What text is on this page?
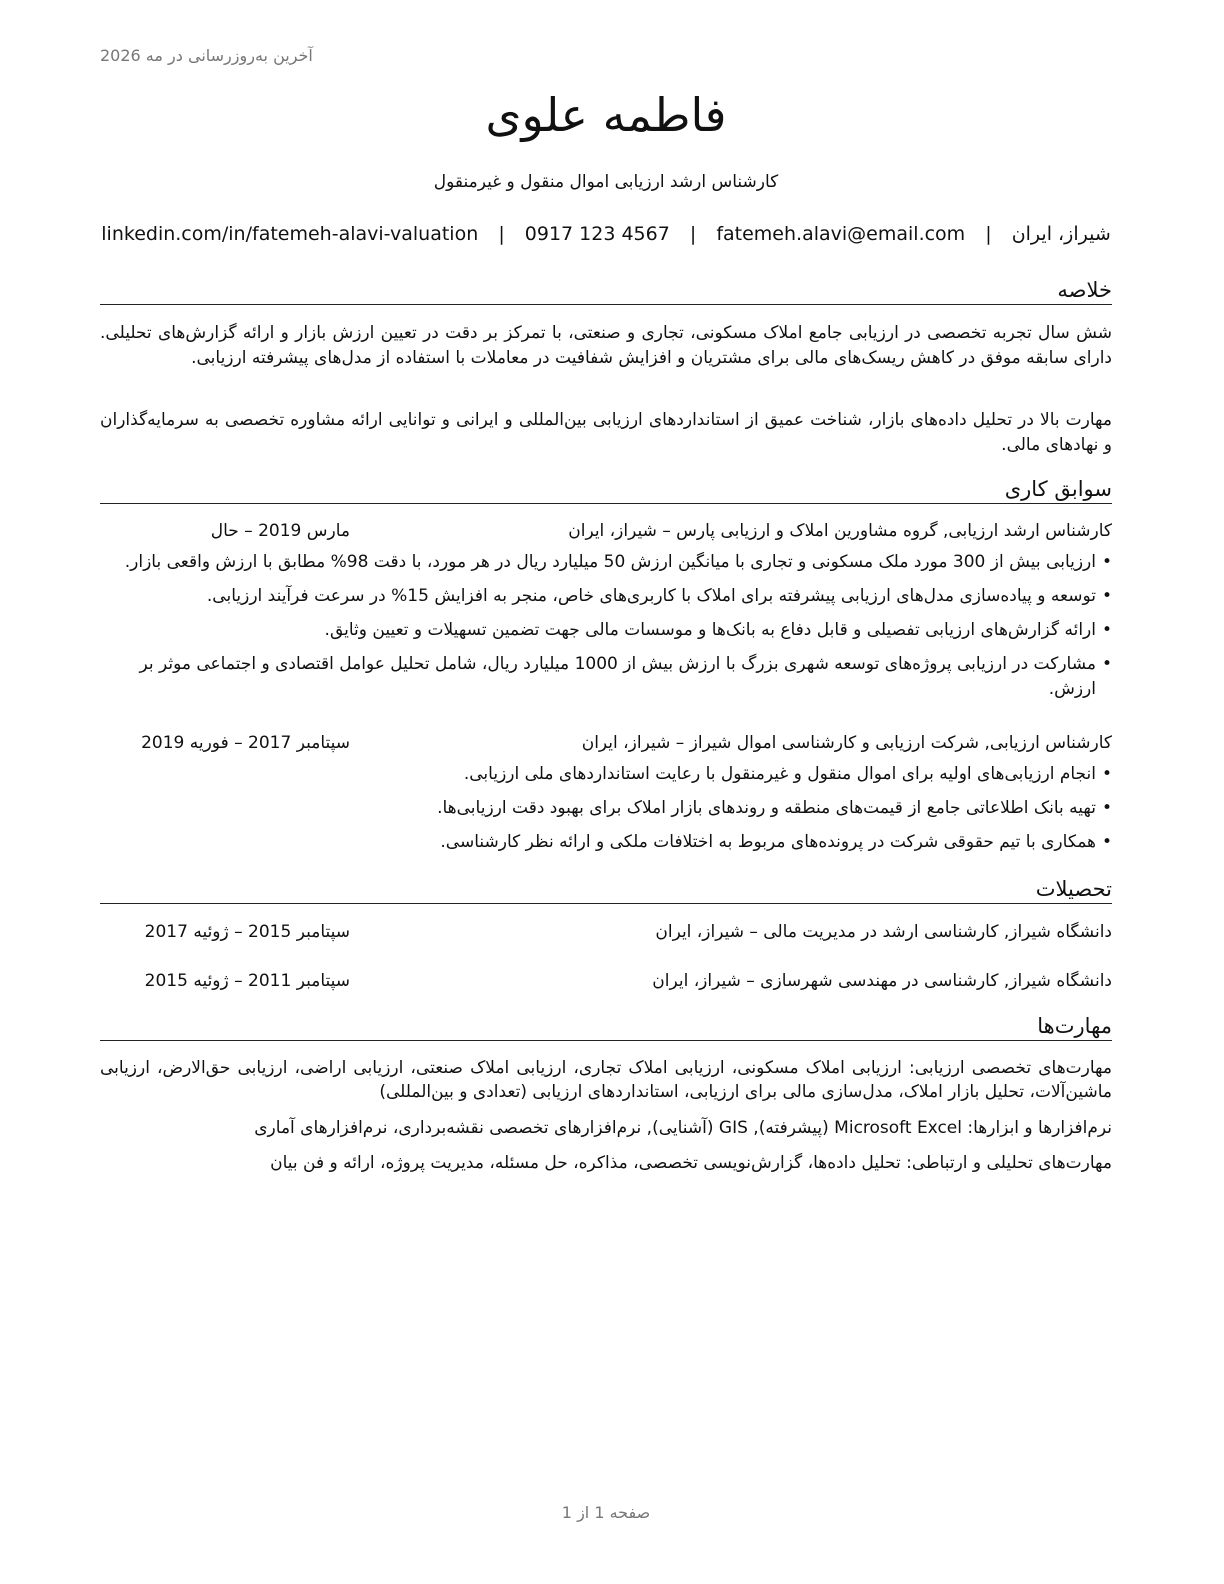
آخرین به‌روزرسانی در مه 2026
فاطمه علوی
کارشناس ارشد ارزیابی اموال منقول و غیرمنقول
شیراز، ایران | fatemeh.alavi@email.com | 0917 123 4567 | linkedin.com/in/fatemeh-alavi-valuation
خلاصه

شش سال تجربه تخصصی در ارزیابی جامع املاک مسکونی، تجاری و صنعتی، با تمرکز بر دقت در تعیین ارزش بازار و ارائه گزارش‌های تحلیلی. دارای سابقه موفق در کاهش ریسک‌های مالی برای مشتریان و افزایش شفافیت در معاملات با استفاده از مدل‌های پیشرفته ارزیابی.

مهارت بالا در تحلیل داده‌های بازار، شناخت عمیق از استانداردهای ارزیابی بین‌المللی و ایرانی و توانایی ارائه مشاوره تخصصی به سرمایه‌گذاران و نهادهای مالی.

سوابق کاری
کارشناس ارشد ارزیابی, گروه مشاورین املاک و ارزیابی پارس – شیراز، ایران
مارس 2019 – حال
• ارزیابی بیش از 300 مورد ملک مسکونی و تجاری با میانگین ارزش 50 میلیارد ریال در هر مورد، با دقت 98% مطابق با ارزش واقعی بازار.
• توسعه و پیاده‌سازی مدل‌های ارزیابی پیشرفته برای املاک با کاربری‌های خاص، منجر به افزایش 15% در سرعت فرآیند ارزیابی.
• ارائه گزارش‌های ارزیابی تفصیلی و قابل دفاع به بانک‌ها و موسسات مالی جهت تضمین تسهیلات و تعیین وثایق.
• مشارکت در ارزیابی پروژه‌های توسعه شهری بزرگ با ارزش بیش از 1000 میلیارد ریال، شامل تحلیل عوامل اقتصادی و اجتماعی موثر بر ارزش.
کارشناس ارزیابی, شرکت ارزیابی و کارشناسی اموال شیراز – شیراز، ایران
سپتامبر 2017 – فوریه 2019
• انجام ارزیابی‌های اولیه برای اموال منقول و غیرمنقول با رعایت استانداردهای ملی ارزیابی.
• تهیه بانک اطلاعاتی جامع از قیمت‌های منطقه و روندهای بازار املاک برای بهبود دقت ارزیابی‌ها.
• همکاری با تیم حقوقی شرکت در پرونده‌های مربوط به اختلافات ملکی و ارائه نظر کارشناسی.
تحصیلات
دانشگاه شیراز, کارشناسی ارشد در مدیریت مالی – شیراز، ایران
سپتامبر 2015 – ژوئیه 2017
دانشگاه شیراز, کارشناسی در مهندسی شهرسازی – شیراز، ایران
سپتامبر 2011 – ژوئیه 2015
مهارت‌ها

مهارت‌های تخصصی ارزیابی: ارزیابی املاک مسکونی، ارزیابی املاک تجاری، ارزیابی املاک صنعتی، ارزیابی اراضی، ارزیابی حق‌الارض، ارزیابی ماشین‌آلات، تحلیل بازار املاک، مدل‌سازی مالی برای ارزیابی، استانداردهای ارزیابی (تعدادی و بین‌المللی)

نرم‌افزارها و ابزارها: Microsoft Excel (پیشرفته), GIS (آشنایی), نرم‌افزارهای تخصصی نقشه‌برداری، نرم‌افزارهای آماری

مهارت‌های تحلیلی و ارتباطی: تحلیل داده‌ها، گزارش‌نویسی تخصصی، مذاکره، حل مسئله، مدیریت پروژه، ارائه و فن بیان

صفحه 1 از 1
